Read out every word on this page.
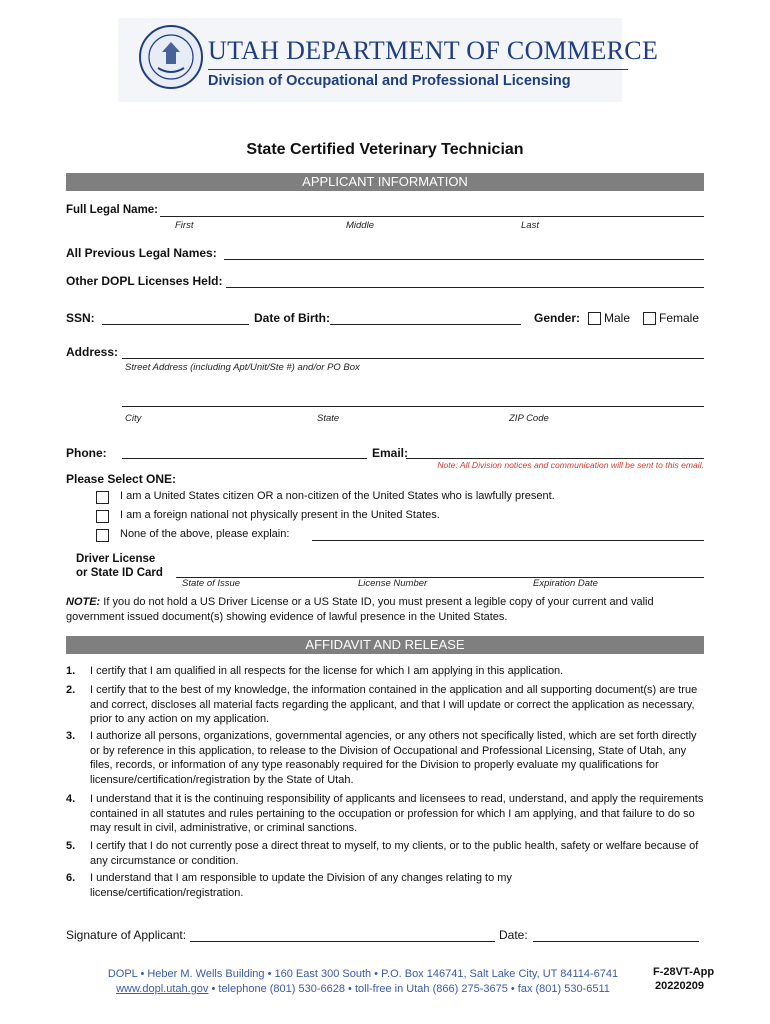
UTAH DEPARTMENT OF COMMERCE
Division of Occupational and Professional Licensing
State Certified Veterinary Technician
APPLICANT INFORMATION
Full Legal Name:
First	Middle	Last
All Previous Legal Names:
Other DOPL Licenses Held:
SSN:	Date of Birth:	Gender: Male Female
Address:
Street Address (including Apt/Unit/Ste #) and/or PO Box
City	State	ZIP Code
Phone:	Email:
Note: All Division notices and communication will be sent to this email.
Please Select ONE:
I am a United States citizen OR a non-citizen of the United States who is lawfully present.
I am a foreign national not physically present in the United States.
None of the above, please explain:
Driver License
or State ID Card
State of Issue	License Number	Expiration Date
NOTE: If you do not hold a US Driver License or a US State ID, you must present a legible copy of your current and valid government issued document(s) showing evidence of lawful presence in the United States.
AFFIDAVIT AND RELEASE
1. I certify that I am qualified in all respects for the license for which I am applying in this application.
2. I certify that to the best of my knowledge, the information contained in the application and all supporting document(s) are true and correct, discloses all material facts regarding the applicant, and that I will update or correct the application as necessary, prior to any action on my application.
3. I authorize all persons, organizations, governmental agencies, or any others not specifically listed, which are set forth directly or by reference in this application, to release to the Division of Occupational and Professional Licensing, State of Utah, any files, records, or information of any type reasonably required for the Division to properly evaluate my qualifications for licensure/certification/registration by the State of Utah.
4. I understand that it is the continuing responsibility of applicants and licensees to read, understand, and apply the requirements contained in all statutes and rules pertaining to the occupation or profession for which I am applying, and that failure to do so may result in civil, administrative, or criminal sanctions.
5. I certify that I do not currently pose a direct threat to myself, to my clients, or to the public health, safety or welfare because of any circumstance or condition.
6. I understand that I am responsible to update the Division of any changes relating to my license/certification/registration.
Signature of Applicant:	Date:
DOPL • Heber M. Wells Building • 160 East 300 South • P.O. Box 146741, Salt Lake City, UT 84114-6741
www.dopl.utah.gov • telephone (801) 530-6628 • toll-free in Utah (866) 275-3675 • fax (801) 530-6511
F-28VT-App
20220209
